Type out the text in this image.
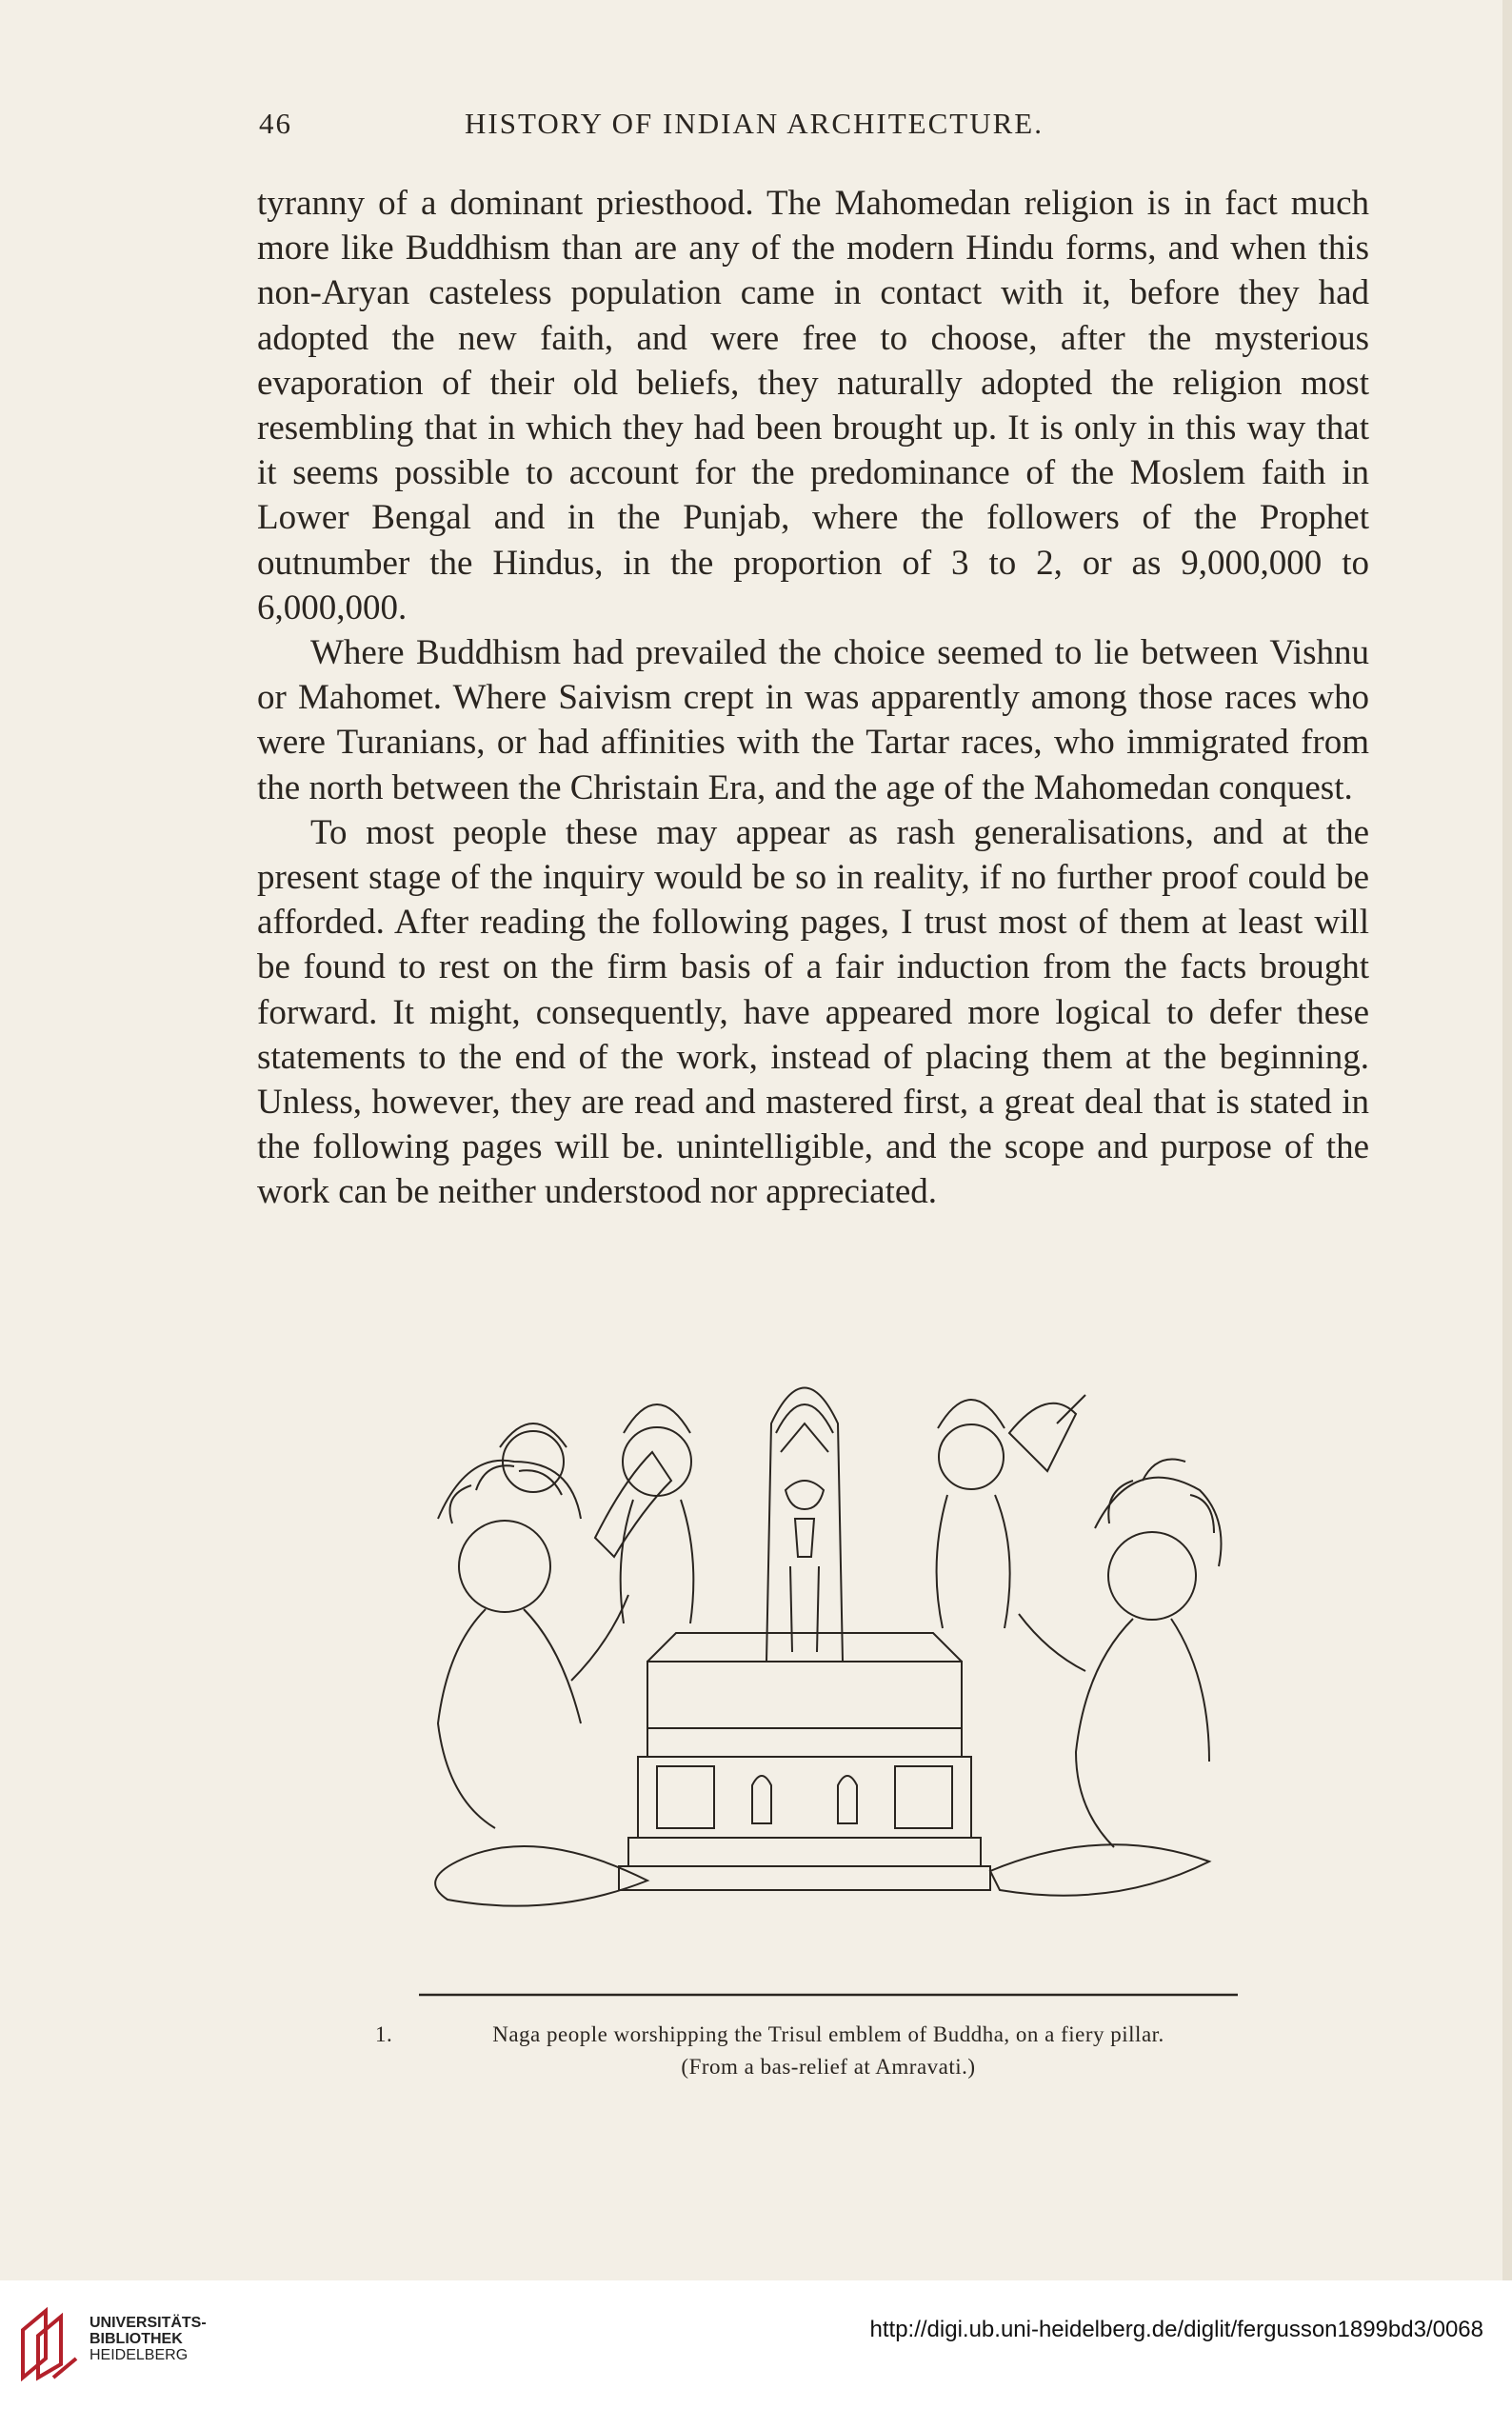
46	HISTORY OF INDIAN ARCHITECTURE.

tyranny of a dominant priesthood. The Mahomedan religion is in fact much more like Buddhism than are any of the modern Hindu forms, and when this non-Aryan casteless population came in contact with it, before they had adopted the new faith, and were free to choose, after the mysterious evaporation of their old beliefs, they naturally adopted the religion most resembling that in which they had been brought up. It is only in this way that it seems possible to account for the predominance of the Moslem faith in Lower Bengal and in the Punjab, where the followers of the Prophet outnumber the Hindus, in the proportion of 3 to 2, or as 9,000,000 to 6,000,000.

Where Buddhism had prevailed the choice seemed to lie between Vishnu or Mahomet. Where Saivism crept in was apparently among those races who were Turanians, or had affinities with the Tartar races, who immigrated from the north between the Christain Era, and the age of the Mahomedan conquest.

To most people these may appear as rash generalisations, and at the present stage of the inquiry would be so in reality, if no further proof could be afforded. After reading the following pages, I trust most of them at least will be found to rest on the firm basis of a fair induction from the facts brought forward. It might, consequently, have appeared more logical to defer these statements to the end of the work, instead of placing them at the beginning. Unless, however, they are read and mastered first, a great deal that is stated in the following pages will be. unintelligible, and the scope and purpose of the work can be neither understood nor appreciated.

1.	Naga people worshipping the Trisul emblem of Buddha, on a fiery pillar.
(From a bas-relief at Amravati.)
UNIVERSITÄTS-
BIBLIOTHEK
HEIDELBERG
http://digi.ub.uni-heidelberg.de/diglit/fergusson1899bd3/0068
